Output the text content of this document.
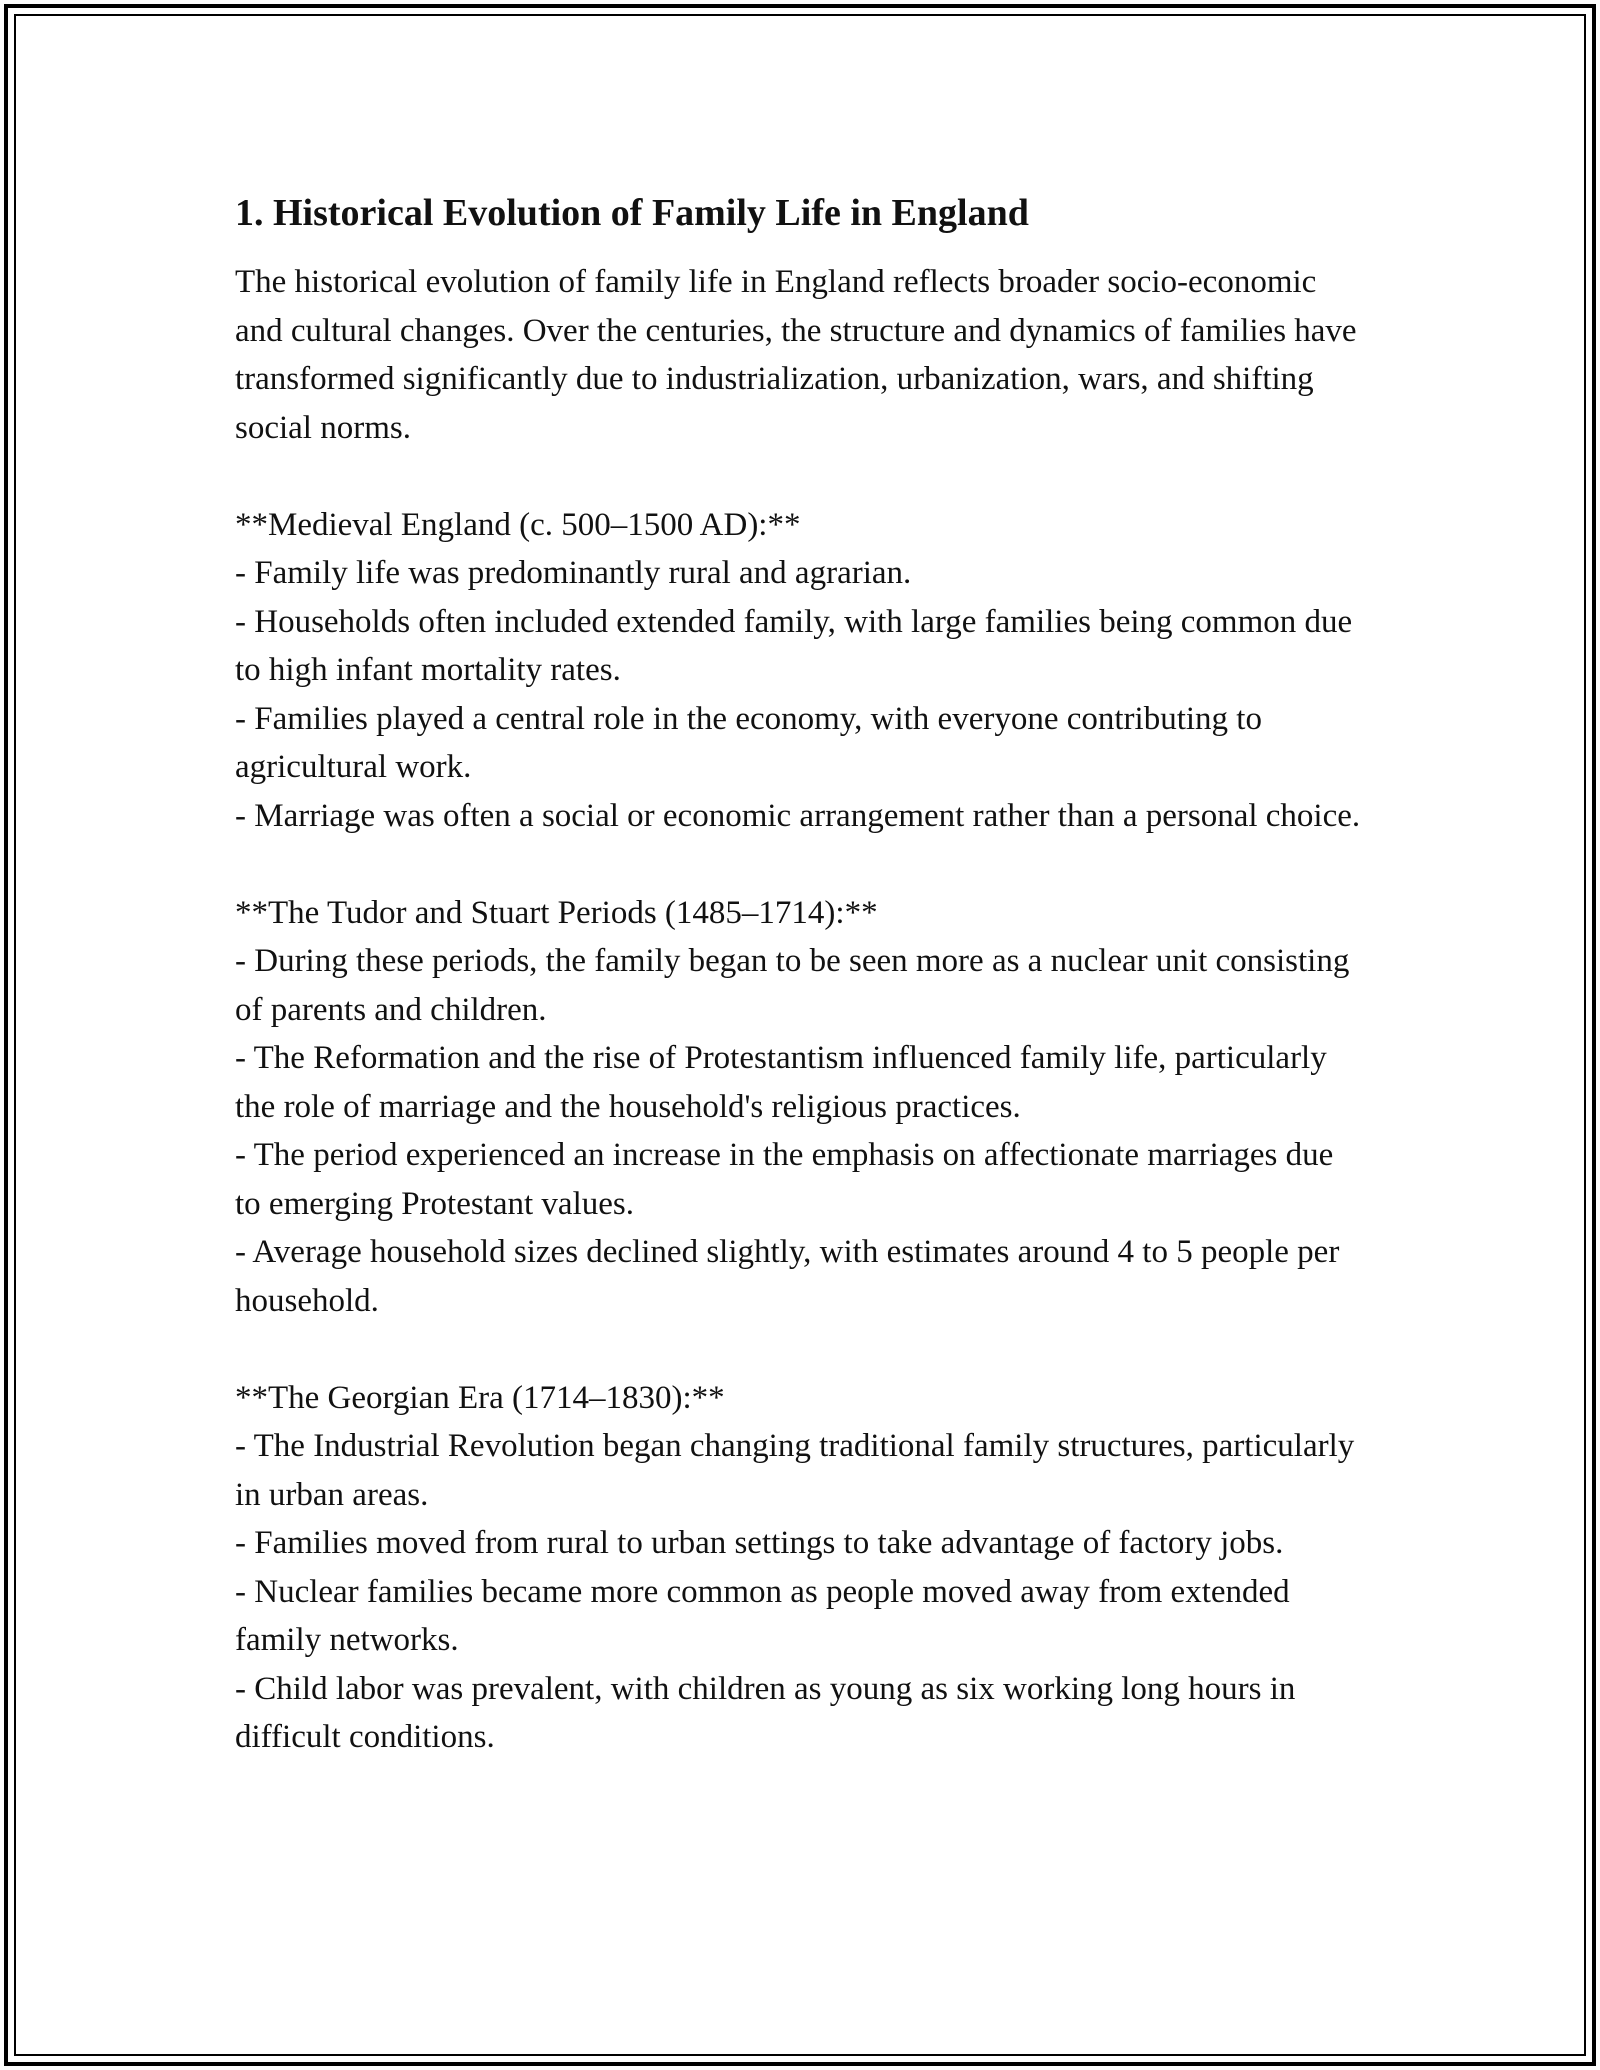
1. Historical Evolution of Family Life in England

The historical evolution of family life in England reflects broader socio-economic and cultural changes. Over the centuries, the structure and dynamics of families have transformed significantly due to industrialization, urbanization, wars, and shifting social norms.

**Medieval England (c. 500–1500 AD):**

- Family life was predominantly rural and agrarian.
- Households often included extended family, with large families being common due to high infant mortality rates.
- Families played a central role in the economy, with everyone contributing to agricultural work.
- Marriage was often a social or economic arrangement rather than a personal choice.

**The Tudor and Stuart Periods (1485–1714):**

- During these periods, the family began to be seen more as a nuclear unit consisting of parents and children.
- The Reformation and the rise of Protestantism influenced family life, particularly the role of marriage and the household's religious practices.
- The period experienced an increase in the emphasis on affectionate marriages due to emerging Protestant values.
- Average household sizes declined slightly, with estimates around 4 to 5 people per household.

**The Georgian Era (1714–1830):**

- The Industrial Revolution began changing traditional family structures, particularly in urban areas.
- Families moved from rural to urban settings to take advantage of factory jobs.
- Nuclear families became more common as people moved away from extended family networks.
- Child labor was prevalent, with children as young as six working long hours in difficult conditions.
